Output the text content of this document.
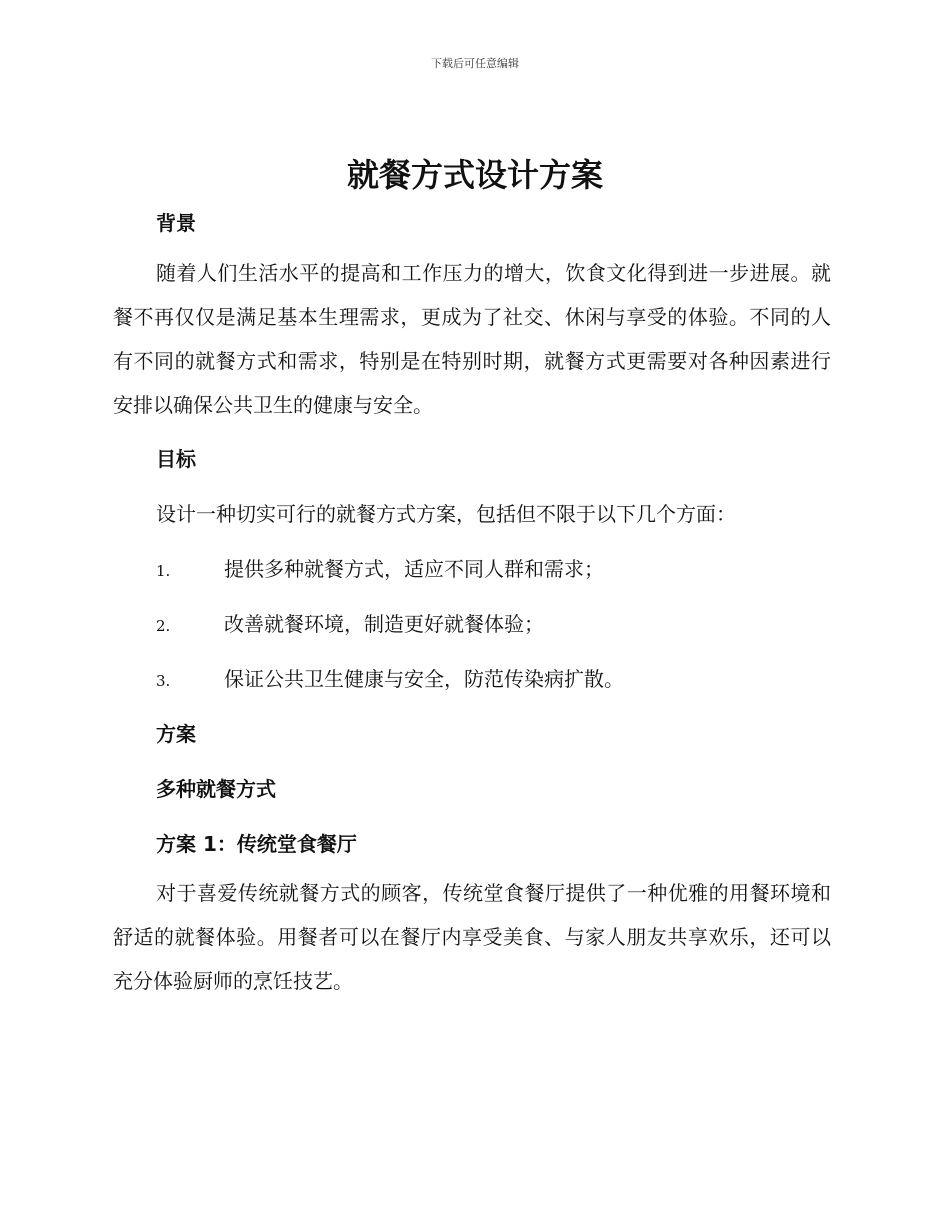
下载后可任意编辑
就餐方式设计方案
背景

随着人们生活水平的提高和工作压力的增大，饮食文化得到进一步进展。就餐不再仅仅是满足基本生理需求，更成为了社交、休闲与享受的体验。不同的人有不同的就餐方式和需求，特别是在特别时期，就餐方式更需要对各种因素进行安排以确保公共卫生的健康与安全。

目标

设计一种切实可行的就餐方式方案，包括但不限于以下几个方面：

1.	提供多种就餐方式，适应不同人群和需求；
2.	改善就餐环境，制造更好就餐体验；
3.	保证公共卫生健康与安全，防范传染病扩散。
方案
多种就餐方式
方案 1：传统堂食餐厅

对于喜爱传统就餐方式的顾客，传统堂食餐厅提供了一种优雅的用餐环境和舒适的就餐体验。用餐者可以在餐厅内享受美食、与家人朋友共享欢乐，还可以充分体验厨师的烹饪技艺。
